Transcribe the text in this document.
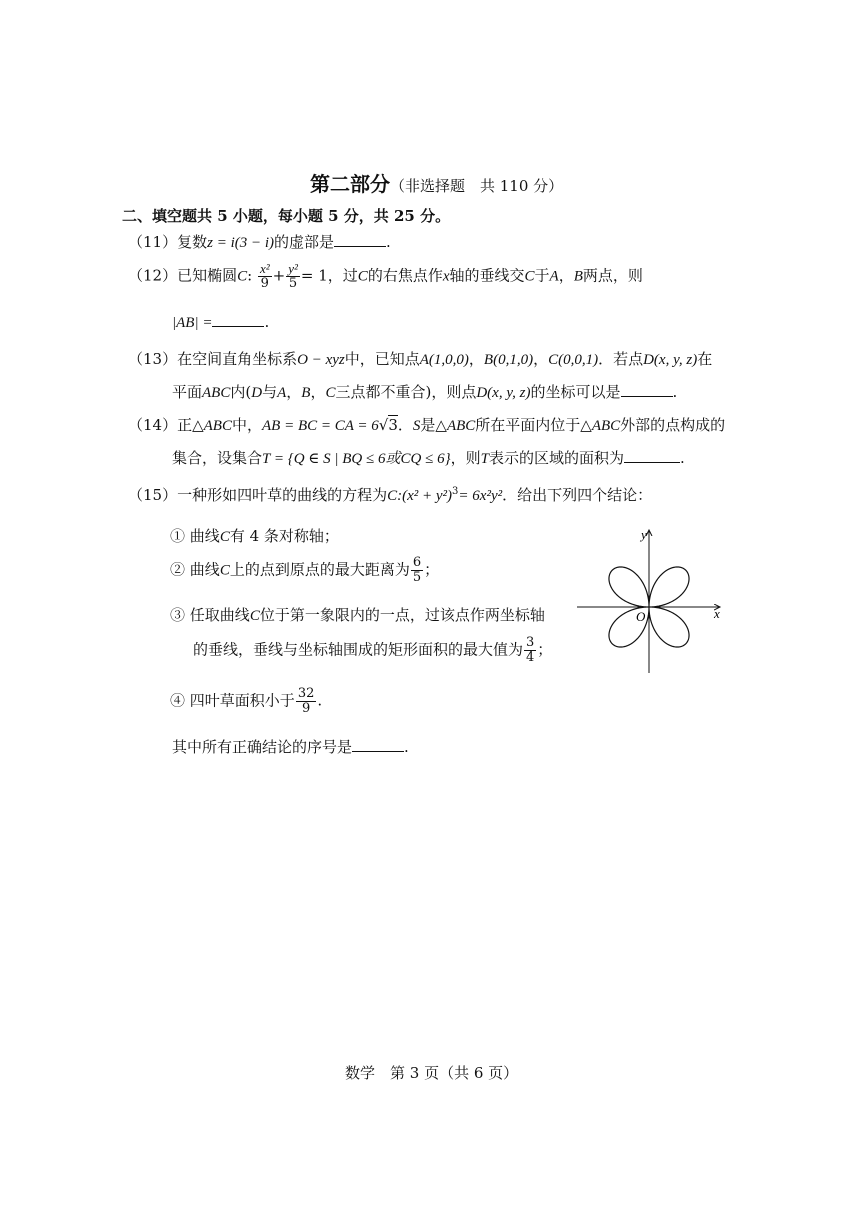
第二部分（非选择题　共 110 分）
二、填空题共 5 小题，每小题 5 分，共 25 分。
（11）复数z = i(3 − i)的虚部是	.
（12）已知椭圆C: $\frac{\text{x²}}{9} + \frac{\text{y²}}{5} = 1$，过C的右焦点作x轴的垂线交C于A，B两点，则
|AB| =	.
（13）在空间直角坐标系O − xyz中，已知点A(1,0,0)，B(0,1,0)，C(0,0,1)．若点D(x, y, z)在
平面ABC内(D与A，B，C三点都不重合)，则点D(x, y, z)的坐标可以是	.
（14）正△ABC中，AB = BC = CA = 6√3．S是△ABC所在平面内位于△ABC外部的点构成的
集合，设集合T = {Q ∈ S | BQ ≤ 6或CQ ≤ 6}，则T表示的区域的面积为	.
（15）一种形如四叶草的曲线的方程为C:(x² + y²)$^3$= 6x²y²．给出下列四个结论：
① 曲线C有 4 条对称轴；
② 曲线C上的点到原点的最大距离为 $\frac{6}{5}$ ；
③ 任取曲线C位于第一象限内的一点，过该点作两坐标轴
的垂线，垂线与坐标轴围成的矩形面积的最大值为 $\frac{3}{4}$ ；
④ 四叶草面积小于 $\frac{32}{9}$ .
其中所有正确结论的序号是	.
y
x
O
数学　第 3 页（共 6 页）
